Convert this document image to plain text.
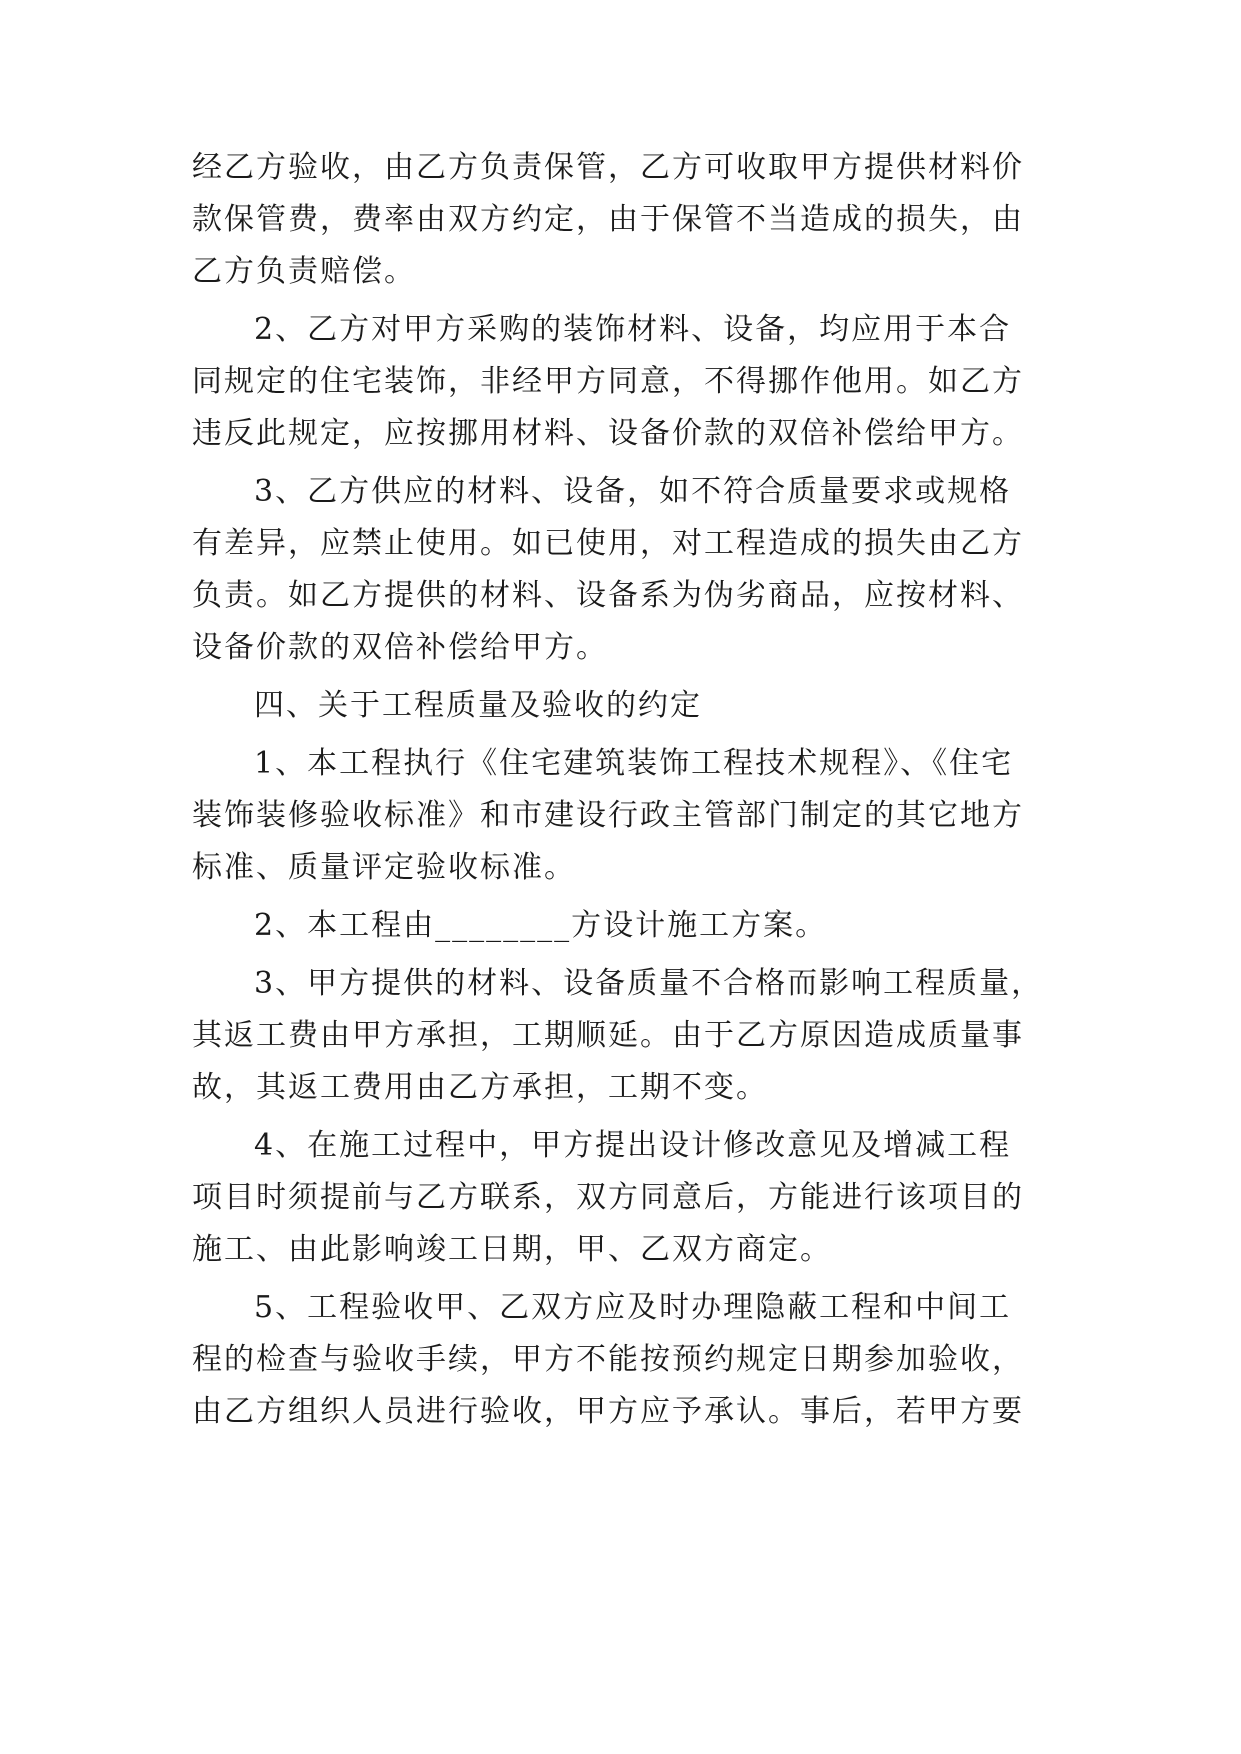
经乙方验收，由乙方负责保管，乙方可收取甲方提供材料价
款保管费，费率由双方约定，由于保管不当造成的损失，由
乙方负责赔偿。
2、乙方对甲方采购的装饰材料、设备，均应用于本合
同规定的住宅装饰，非经甲方同意，不得挪作他用。如乙方
违反此规定，应按挪用材料、设备价款的双倍补偿给甲方。
3、乙方供应的材料、设备，如不符合质量要求或规格
有差异，应禁止使用。如已使用，对工程造成的损失由乙方
负责。如乙方提供的材料、设备系为伪劣商品，应按材料、
设备价款的双倍补偿给甲方。
四、关于工程质量及验收的约定
1、本工程执行《住宅建筑装饰工程技术规程》、《住宅
装饰装修验收标准》和市建设行政主管部门制定的其它地方
标准、质量评定验收标准。
2、本工程由________方设计施工方案。
3、甲方提供的材料、设备质量不合格而影响工程质量，
其返工费由甲方承担，工期顺延。由于乙方原因造成质量事
故，其返工费用由乙方承担，工期不变。
4、在施工过程中，甲方提出设计修改意见及增减工程
项目时须提前与乙方联系，双方同意后，方能进行该项目的
施工、由此影响竣工日期，甲、乙双方商定。
5、工程验收甲、乙双方应及时办理隐蔽工程和中间工
程的检查与验收手续，甲方不能按预约规定日期参加验收，
由乙方组织人员进行验收，甲方应予承认。事后，若甲方要
